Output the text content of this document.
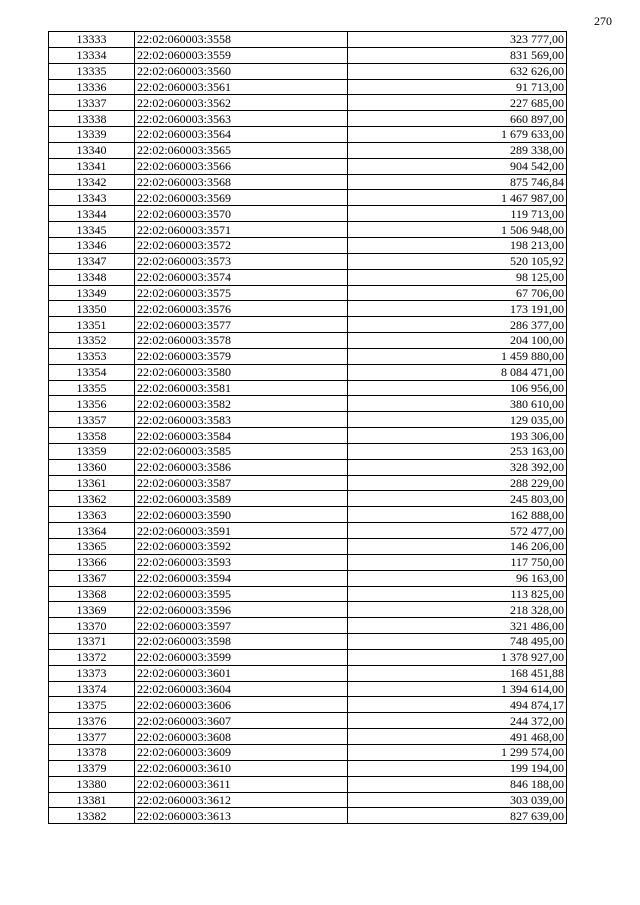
270
13333	22:02:060003:3558	323 777,00
13334	22:02:060003:3559	831 569,00
13335	22:02:060003:3560	632 626,00
13336	22:02:060003:3561	91 713,00
13337	22:02:060003:3562	227 685,00
13338	22:02:060003:3563	660 897,00
13339	22:02:060003:3564	1 679 633,00
13340	22:02:060003:3565	289 338,00
13341	22:02:060003:3566	904 542,00
13342	22:02:060003:3568	875 746,84
13343	22:02:060003:3569	1 467 987,00
13344	22:02:060003:3570	119 713,00
13345	22:02:060003:3571	1 506 948,00
13346	22:02:060003:3572	198 213,00
13347	22:02:060003:3573	520 105,92
13348	22:02:060003:3574	98 125,00
13349	22:02:060003:3575	67 706,00
13350	22:02:060003:3576	173 191,00
13351	22:02:060003:3577	286 377,00
13352	22:02:060003:3578	204 100,00
13353	22:02:060003:3579	1 459 880,00
13354	22:02:060003:3580	8 084 471,00
13355	22:02:060003:3581	106 956,00
13356	22:02:060003:3582	380 610,00
13357	22:02:060003:3583	129 035,00
13358	22:02:060003:3584	193 306,00
13359	22:02:060003:3585	253 163,00
13360	22:02:060003:3586	328 392,00
13361	22:02:060003:3587	288 229,00
13362	22:02:060003:3589	245 803,00
13363	22:02:060003:3590	162 888,00
13364	22:02:060003:3591	572 477,00
13365	22:02:060003:3592	146 206,00
13366	22:02:060003:3593	117 750,00
13367	22:02:060003:3594	96 163,00
13368	22:02:060003:3595	113 825,00
13369	22:02:060003:3596	218 328,00
13370	22:02:060003:3597	321 486,00
13371	22:02:060003:3598	748 495,00
13372	22:02:060003:3599	1 378 927,00
13373	22:02:060003:3601	168 451,88
13374	22:02:060003:3604	1 394 614,00
13375	22:02:060003:3606	494 874,17
13376	22:02:060003:3607	244 372,00
13377	22:02:060003:3608	491 468,00
13378	22:02:060003:3609	1 299 574,00
13379	22:02:060003:3610	199 194,00
13380	22:02:060003:3611	846 188,00
13381	22:02:060003:3612	303 039,00
13382	22:02:060003:3613	827 639,00
